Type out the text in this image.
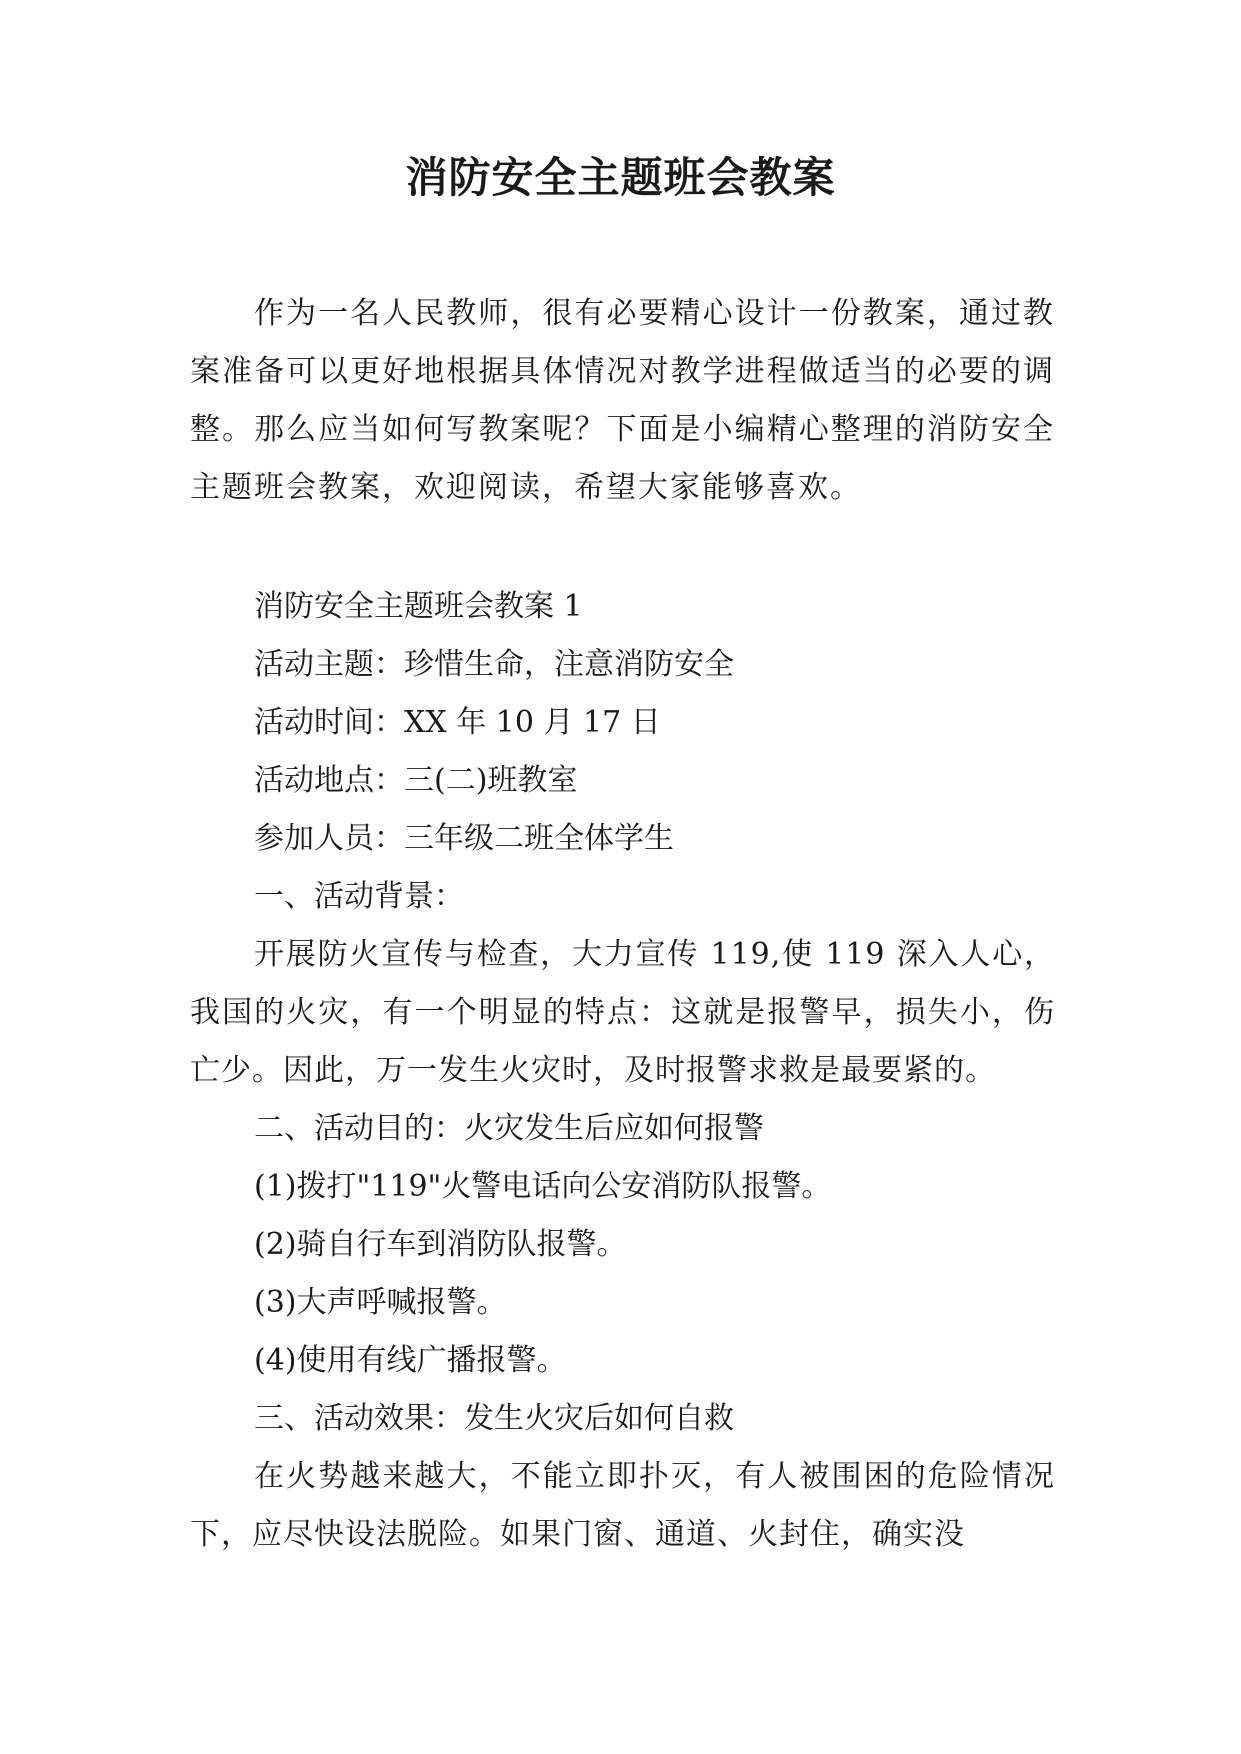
消防安全主题班会教案

作为一名人民教师，很有必要精心设计一份教案，通过教案准备可以更好地根据具体情况对教学进程做适当的必要的调整。那么应当如何写教案呢？下面是小编精心整理的消防安全主题班会教案，欢迎阅读，希望大家能够喜欢。

消防安全主题班会教案 1
活动主题：珍惜生命，注意消防安全
活动时间：XX 年 10 月 17 日
活动地点：三(二)班教室
参加人员：三年级二班全体学生
一、活动背景：
开展防火宣传与检查，大力宣传 119,使 119 深入人心，我国的火灾，有一个明显的特点：这就是报警早，损失小，伤亡少。因此，万一发生火灾时，及时报警求救是最要紧的。
二、活动目的：火灾发生后应如何报警
(1)拨打"119"火警电话向公安消防队报警。
(2)骑自行车到消防队报警。
(3)大声呼喊报警。
(4)使用有线广播报警。
三、活动效果：发生火灾后如何自救
在火势越来越大，不能立即扑灭，有人被围困的危险情况下，应尽快设法脱险。如果门窗、通道、火封住，确实没
